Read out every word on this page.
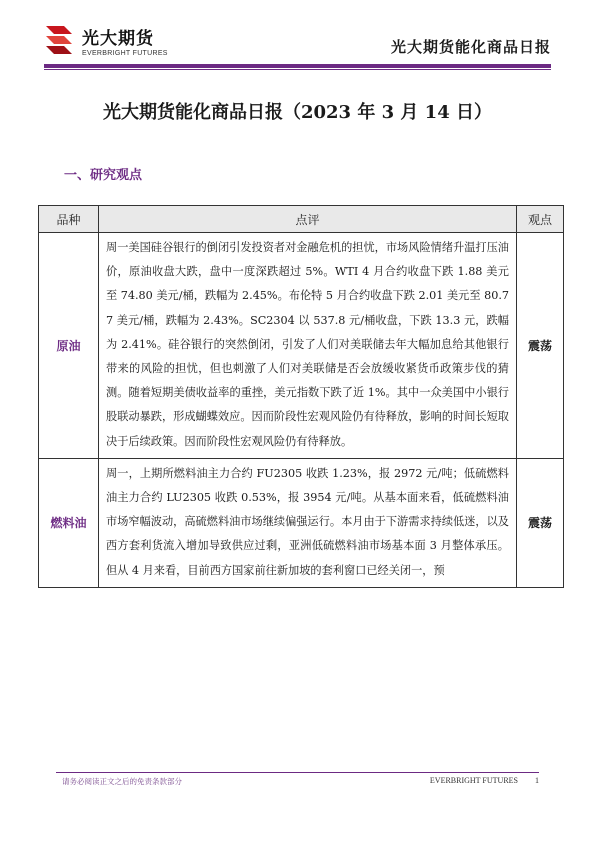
光大期货
EVERBRIGHT FUTURES	光大期货能化商品日报
光大期货能化商品日报（2023 年 3 月 14 日）
一、研究观点
品种	点评	观点
原油	周一美国硅谷银行的倒闭引发投资者对金融危机的担忧，市场风险情绪升温打压油价，原油收盘大跌，盘中一度深跌超过 5%。WTI 4 月合约收盘下跌 1.88 美元至 74.80 美元/桶，跌幅为 2.45%。布伦特 5 月合约收盘下跌 2.01 美元至 80.77 美元/桶，跌幅为 2.43%。SC2304 以 537.8 元/桶收盘，下跌 13.3 元，跌幅为 2.41%。硅谷银行的突然倒闭，引发了人们对美联储去年大幅加息给其他银行带来的风险的担忧，但也刺激了人们对美联储是否会放缓收紧货币政策步伐的猜测。随着短期美债收益率的重挫，美元指数下跌了近 1%。其中一众美国中小银行股联动暴跌，形成蝴蝶效应。因而阶段性宏观风险仍有待释放，影响的时间长短取决于后续政策。因而阶段性宏观风险仍有待释放。	震荡
燃料油	周一，上期所燃料油主力合约 FU2305 收跌 1.23%，报 2972 元/吨；低硫燃料油主力合约 LU2305 收跌 0.53%，报 3954 元/吨。从基本面来看，低硫燃料油市场窄幅波动，高硫燃料油市场继续偏强运行。本月由于下游需求持续低迷，以及西方套利货流入增加导致供应过剩，亚洲低硫燃料油市场基本面 3 月整体承压。但从 4 月来看，目前西方国家前往新加坡的套利窗口已经关闭一，预	震荡
请务必阅读正文之后的免责条款部分	EVERBRIGHT FUTURES 1
